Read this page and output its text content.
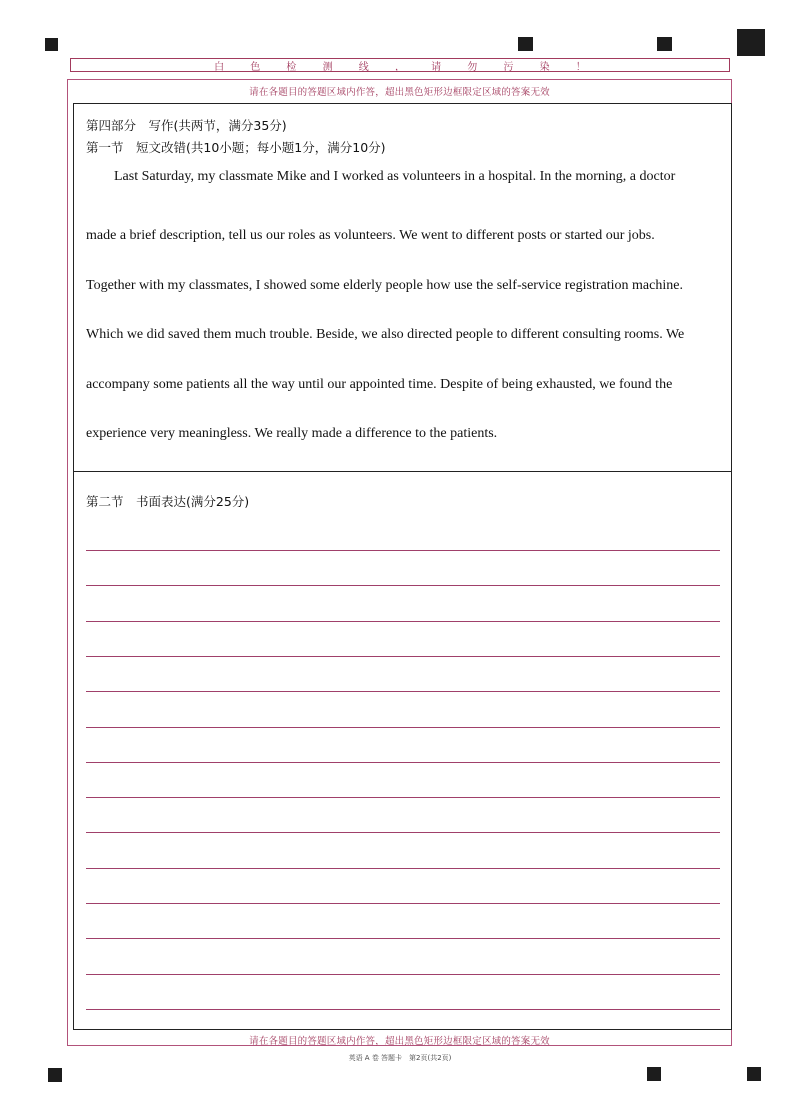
白	色	检	测	线	，	请	勿	污	染	！
请在各题目的答题区域内作答，超出黑色矩形边框限定区域的答案无效
请在各题目的答题区域内作答，超出黑色矩形边框限定区域的答案无效
第四部分　写作(共两节，满分35分)
第一节　短文改错(共10小题；每小题1分，满分10分)
Last Saturday, my classmate Mike and I worked as volunteers in a hospital. In the morning, a doctor
made a brief description, tell us our roles as volunteers. We went to different posts or started our jobs.
Together with my classmates, I showed some elderly people how use the self-service registration machine.
Which we did saved them much trouble. Beside, we also directed people to different consulting rooms. We
accompany some patients all the way until our appointed time. Despite of being exhausted, we found the
experience very meaningless. We really made a difference to the patients.
第二节　书面表达(满分25分)
英语 A 卷 答题卡　第2页(共2页)
